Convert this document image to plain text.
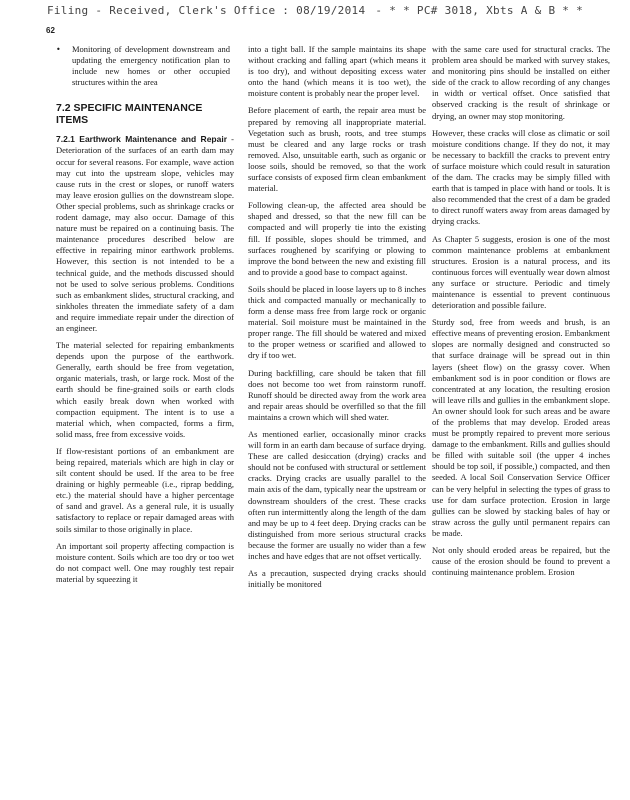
Filing - Received, Clerk's Office : 08/19/2014 - * * PC# 3018, Xbts A & B * *
62
•	Monitoring of development downstream and updating the emergency notification plan to include new homes or other occupied structures within the area
7.2 SPECIFIC MAINTENANCE ITEMS

7.2.1 Earthwork Maintenance and Repair - Deterioration of the surfaces of an earth dam may occur for several reasons. For example, wave action may cut into the upstream slope, vehicles may cause ruts in the crest or slopes, or runoff waters may leave erosion gullies on the downstream slope. Other special problems, such as shrinkage cracks or rodent damage, may also occur. Damage of this nature must be repaired on a continuing basis. The maintenance procedures described below are effective in repairing minor earthwork problems. However, this section is not intended to be a technical guide, and the methods discussed should not be used to solve serious problems. Conditions such as embankment slides, structural cracking, and sinkholes threaten the immediate safety of a dam and require immediate repair under the direction of an engineer.

The material selected for repairing embankments depends upon the purpose of the earthwork. Generally, earth should be free from vegetation, organic materials, trash, or large rock. Most of the earth should be fine-grained soils or earth clods which easily break down when worked with compaction equipment. The intent is to use a material which, when compacted, forms a firm, solid mass, free from excessive voids.

If flow-resistant portions of an embankment are being repaired, materials which are high in clay or silt content should be used. If the area to be free draining or highly permeable (i.e., riprap bedding, etc.) the material should have a higher percentage of sand and gravel. As a general rule, it is usually satisfactory to replace or repair damaged areas with soils similar to those originally in place.

An important soil property affecting compaction is moisture content. Soils which are too dry or too wet do not compact well. One may roughly test repair material by squeezing it

into a tight ball. If the sample maintains its shape without cracking and falling apart (which means it is too dry), and without depositing excess water onto the hand (which means it is too wet), the moisture content is probably near the proper level.

Before placement of earth, the repair area must be prepared by removing all inappropriate material. Vegetation such as brush, roots, and tree stumps must be cleared and any large rocks or trash removed. Also, unsuitable earth, such as organic or loose soils, should be removed, so that the work surface consists of exposed firm clean embankment material.

Following clean-up, the affected area should be shaped and dressed, so that the new fill can be compacted and will properly tie into the existing fill. If possible, slopes should be trimmed, and surfaces roughened by scarifying or plowing to improve the bond between the new and existing fill and to provide a good base to compact against.

Soils should be placed in loose layers up to 8 inches thick and compacted manually or mechanically to form a dense mass free from large rock or organic material. Soil moisture must be maintained in the proper range. The fill should be watered and mixed to the proper wetness or scarified and allowed to dry if too wet.

During backfilling, care should be taken that fill does not become too wet from rainstorm runoff. Runoff should be directed away from the work area and repair areas should be overfilled so that the fill maintains a crown which will shed water.

As mentioned earlier, occasionally minor cracks will form in an earth dam because of surface drying. These are called desiccation (drying) cracks and should not be confused with structural or settlement cracks. Drying cracks are usually parallel to the main axis of the dam, typically near the upstream or downstream shoulders of the crest. These cracks often run intermittently along the length of the dam and may be up to 4 feet deep. Drying cracks can be distinguished from more serious structural cracks because the former are usually no wider than a few inches and have edges that are not offset vertically.

As a precaution, suspected drying cracks should initially be monitored

with the same care used for structural cracks. The problem area should be marked with survey stakes, and monitoring pins should be installed on either side of the crack to allow recording of any changes in width or vertical offset. Once satisfied that observed cracking is the result of shrinkage or drying, an owner may stop monitoring.

However, these cracks will close as climatic or soil moisture conditions change. If they do not, it may be necessary to backfill the cracks to prevent entry of surface moisture which could result in saturation of the dam. The cracks may be simply filled with earth that is tamped in place with hand or tools. It is also recommended that the crest of a dam be graded to direct runoff waters away from areas damaged by drying cracks.

As Chapter 5 suggests, erosion is one of the most common maintenance problems at embankment structures. Erosion is a natural process, and its continuous forces will eventually wear down almost any surface or structure. Periodic and timely maintenance is essential to prevent continuous deterioration and possible failure.

Sturdy sod, free from weeds and brush, is an effective means of preventing erosion. Embankment slopes are normally designed and constructed so that surface drainage will be spread out in thin layers (sheet flow) on the grassy cover. When embankment sod is in poor condition or flows are concentrated at any location, the resulting erosion will leave rills and gullies in the embankment slope. An owner should look for such areas and be aware of the problems that may develop. Eroded areas must be promptly repaired to prevent more serious damage to the embankment. Rills and gullies should be filled with suitable soil (the upper 4 inches should be top soil, if possible,) compacted, and then seeded. A local Soil Conservation Service Officer can be very helpful in selecting the types of grass to use for dam surface protection. Erosion in large gullies can be slowed by stacking bales of hay or straw across the gully until permanent repairs can be made.

Not only should eroded areas be repaired, but the cause of the erosion should be found to prevent a continuing maintenance problem. Erosion
